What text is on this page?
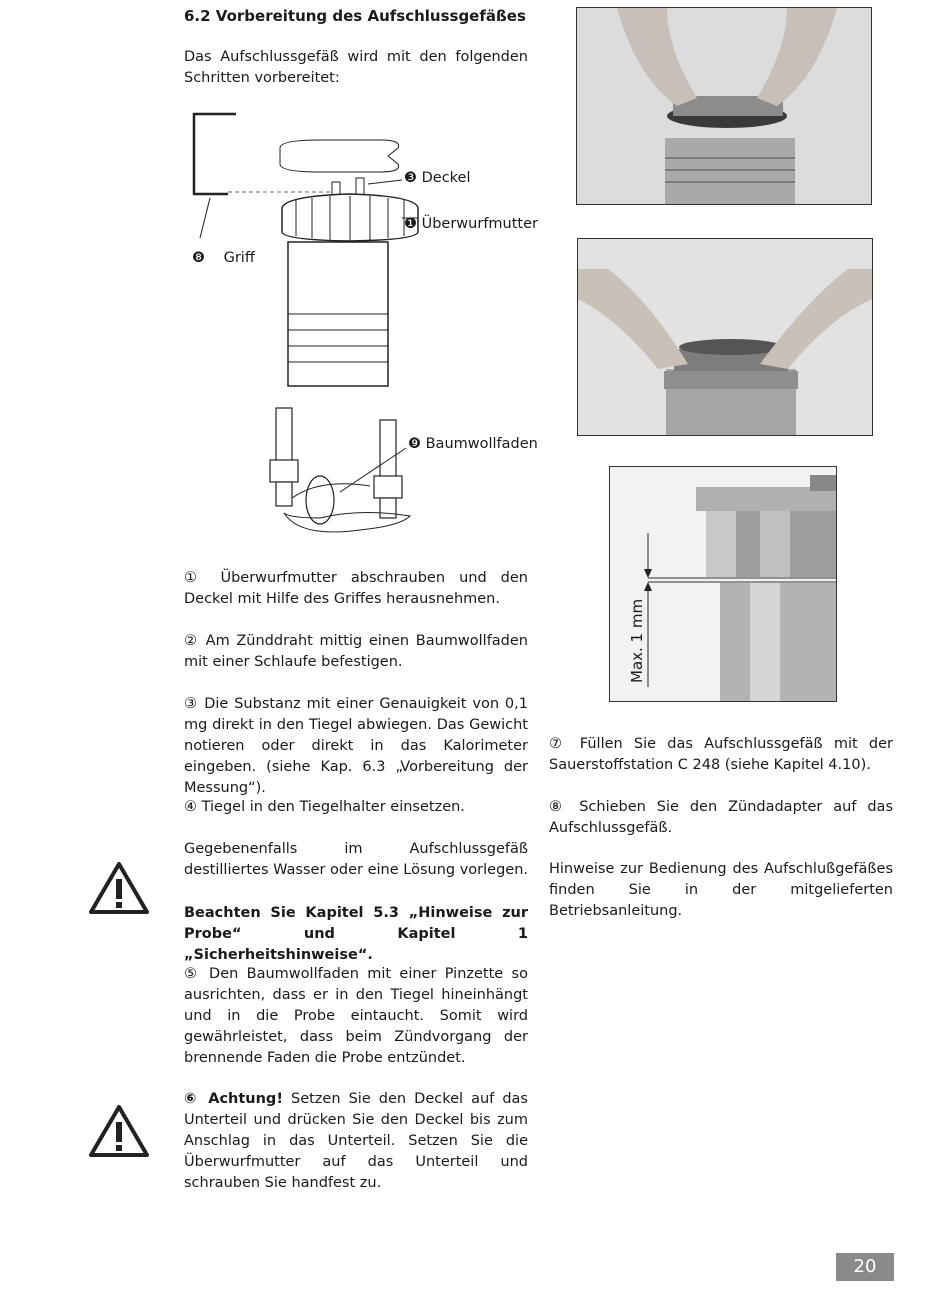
6.2 Vorbereitung des Aufschlussgefäßes
Das Aufschlussgefäß wird mit den folgenden Schritten vorbereitet:
❸ Deckel
❶ Überwurfmutter
❽ Griff
❾ Baumwollfaden
① Überwurfmutter abschrauben und den Deckel mit Hilfe des Griffes herausnehmen.
② Am Zünddraht mittig einen Baumwollfaden mit einer Schlaufe befestigen.
③ Die Substanz mit einer Genauigkeit von 0,1 mg direkt in den Tiegel abwiegen. Das Gewicht notieren oder direkt in das Kalorimeter eingeben. (siehe Kap. 6.3 „Vorbereitung der Messung“).
④ Tiegel in den Tiegelhalter einsetzen.
Gegebenenfalls im Aufschlussgefäß destilliertes Wasser oder eine Lösung vorlegen.
Beachten Sie Kapitel 5.3 „Hinweise zur Probe“ und Kapitel 1 „Sicherheitshinweise“.
⑤ Den Baumwollfaden mit einer Pinzette so ausrichten, dass er in den Tiegel hineinhängt und in die Probe eintaucht. Somit wird gewährleistet, dass beim Zündvorgang der brennende Faden die Probe entzündet.
⑥ Achtung! Setzen Sie den Deckel auf das Unterteil und drücken Sie den Deckel bis zum Anschlag in das Unterteil. Setzen Sie die Überwurfmutter auf das Unterteil und schrauben Sie handfest zu.
Max. 1 mm
⑦ Füllen Sie das Aufschlussgefäß mit der Sauerstoffstation C 248 (siehe Kapitel 4.10).
⑧ Schieben Sie den Zündadapter auf das Aufschlussgefäß.
Hinweise zur Bedienung des Aufschlußgefäßes finden Sie in der mitgelieferten Betriebsanleitung.
20
